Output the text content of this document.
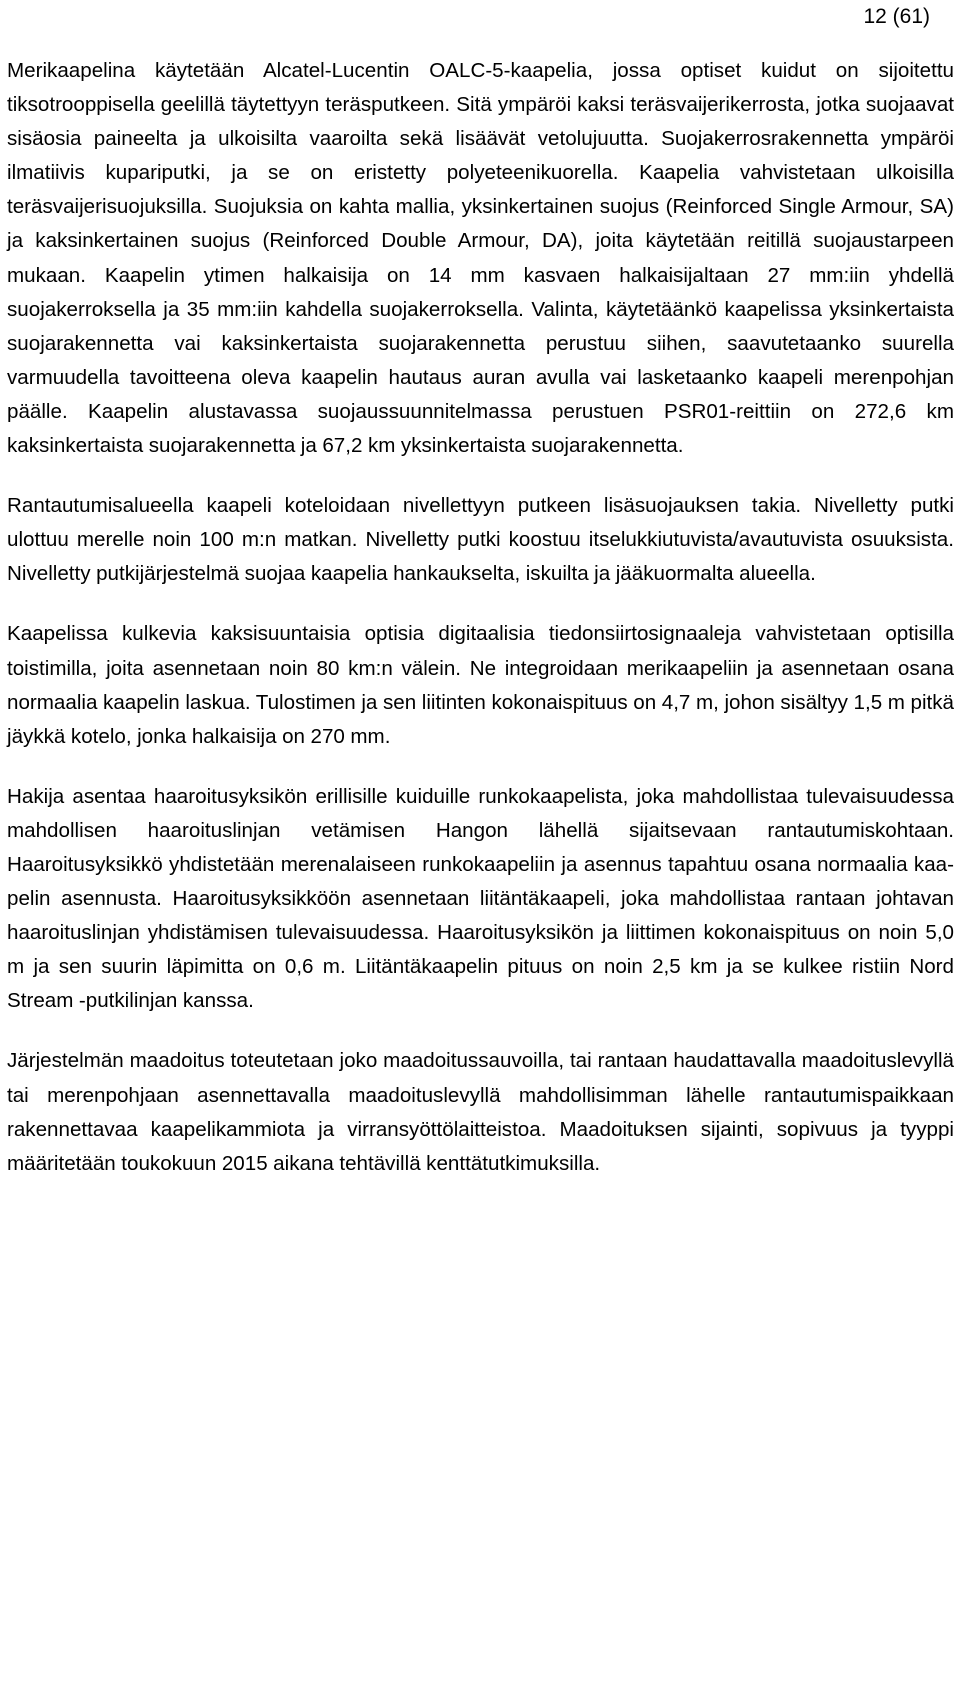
12 (61)

Merikaapelina käytetään Alcatel-Lucentin OALC-5-kaapelia, jossa optiset kuidut on sijoitettu tiksotrooppisella geelillä täytettyyn teräsputkeen. Sitä ympäröi kaksi teräsvaijerikerrosta, jotka suojaavat sisäosia paineelta ja ulkoisilta vaaroilta sekä lisäävät vetolujuutta. Suojakerrosrakennetta ympäröi ilmatiivis kupariputki, ja se on eristetty polyeteenikuorella. Kaapelia vahvistetaan ulkoisilla teräsvaijerisuojuksilla. Suojuksia on kahta mallia, yksinkertainen suojus (Reinforced Single Armour, SA) ja kaksinkertainen suojus (Reinforced Double Armour, DA), joita käytetään reitillä suojaustarpeen mukaan. Kaapelin ytimen halkaisija on 14 mm kasvaen halkaisijaltaan 27 mm:iin yhdellä suojakerroksella ja 35 mm:iin kahdella suojakerroksella. Valinta, käytetäänkö kaapelissa yksinkertaista suojarakennetta vai kaksinkertaista suojarakennetta perustuu siihen, saavutetaanko suurella varmuudella tavoitteena oleva kaapelin hautaus auran avulla vai lasketaanko kaapeli merenpohjan päälle. Kaapelin alustavassa suojaussuunnitelmassa perustuen PSR01-reittiin on 272,6 km kaksinkertaista suojarakennetta ja 67,2 km yksinkertaista suojarakennetta.

Rantautumisalueella kaapeli koteloidaan nivellettyyn putkeen lisäsuojauksen takia. Nivelletty putki ulottuu merelle noin 100 m:n matkan. Nivelletty putki koostuu itselukkiutuvista/avautuvista osuuksista. Nivelletty putkijärjestelmä suojaa kaapelia hankaukselta, iskuilta ja jääkuormalta alueella.

Kaapelissa kulkevia kaksisuuntaisia optisia digitaalisia tiedonsiirtosignaaleja vahvistetaan optisilla toistimilla, joita asennetaan noin 80 km:n välein. Ne integroidaan merikaapeliin ja asennetaan osana normaalia kaapelin laskua. Tulostimen ja sen liitinten kokonaispituus on 4,7 m, johon sisältyy 1,5 m pitkä jäykkä kotelo, jonka halkaisija on 270 mm.

Hakija asentaa haaroitusyksikön erillisille kuiduille runkokaapelista, joka mahdollistaa tulevaisuudessa mahdollisen haaroituslinjan vetämisen Hangon lähellä sijaitsevaan rantautumiskohtaan. Haaroitusyksikkö yhdistetään merenalaiseen runkokaapeliin ja asennus tapahtuu osana normaalia kaapelin asennusta. Haaroitusyksikköön asennetaan liitäntäkaapeli, joka mahdollistaa rantaan johtavan haaroituslinjan yhdistämisen tulevaisuudessa. Haaroitusyksikön ja liittimen kokonaispituus on noin 5,0 m ja sen suurin läpimitta on 0,6 m. Liitäntäkaapelin pituus on noin 2,5 km ja se kulkee ristiin Nord Stream -putkilinjan kanssa.

Järjestelmän maadoitus toteutetaan joko maadoitussauvoilla, tai rantaan haudattavalla maadoituslevyllä tai merenpohjaan asennettavalla maadoituslevyllä mahdollisimman lähelle rantautumispaikkaan rakennettavaa kaapelikammiota ja virransyöttölaitteistoa. Maadoituksen sijainti, sopivuus ja tyyppi määritetään toukokuun 2015 aikana tehtävillä kenttätutkimuksilla.
